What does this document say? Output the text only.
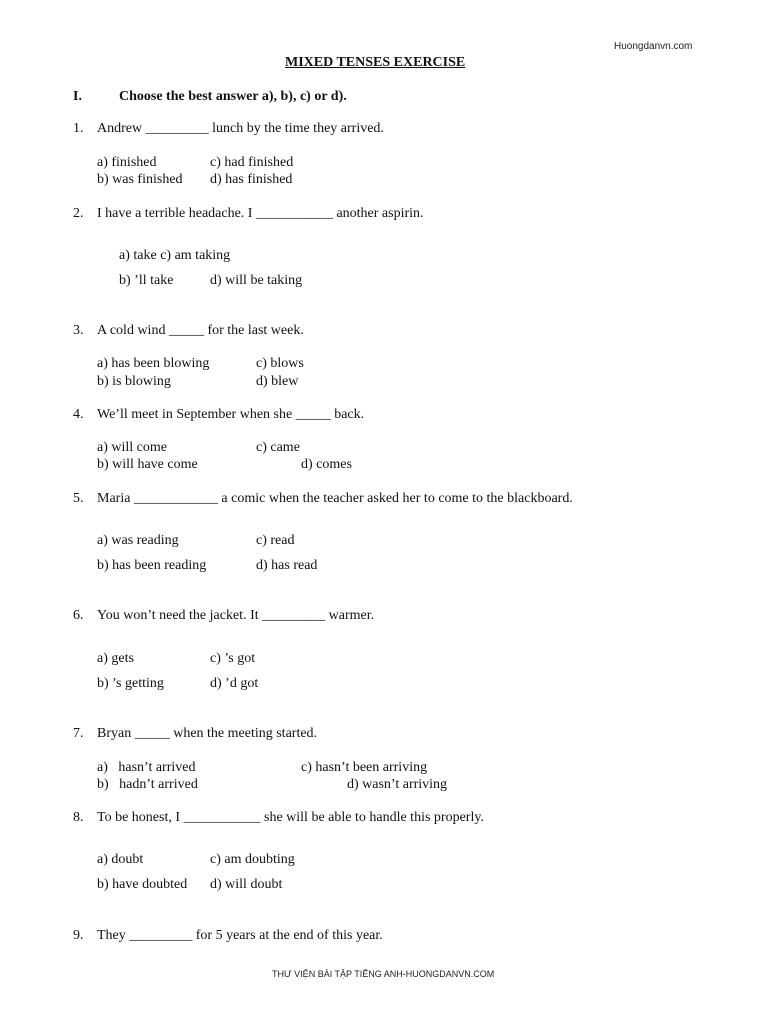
Huongdanvn.com
MIXED TENSES EXERCISE
I.	Choose the best answer a), b), c) or d).
1. Andrew _________ lunch by the time they arrived.
a) finished	c) had finished
b) was finished d) has finished
2. I have a terrible headache. I ___________ another aspirin.
a) take c) am taking
b) ’ll take	d) will be taking
3. A cold wind _____ for the last week.
a) has been blowing	c) blows
b) is blowing	d) blew
4. We’ll meet in September when she _____ back.
a) will come	c) came
b) will have come	d) comes
5. Maria ____________ a comic when the teacher asked her to come to the blackboard.
a) was reading	c) read
b) has been reading	d) has read
6. You won’t need the jacket. It _________ warmer.
a) gets	c) ’s got
b) ’s getting	d) ’d got
7. Bryan _____ when the meeting started.
a)   hasn’t arrived	c) hasn’t been arriving
b)   hadn’t arrived	d) wasn’t arriving
8. To be honest, I ___________ she will be able to handle this properly.
a) doubt	c) am doubting
b) have doubted d) will doubt
9. They _________ for 5 years at the end of this year.
THƯ VIỆN BÀI TẬP TIẾNG ANH-HUONGDANVN.COM
